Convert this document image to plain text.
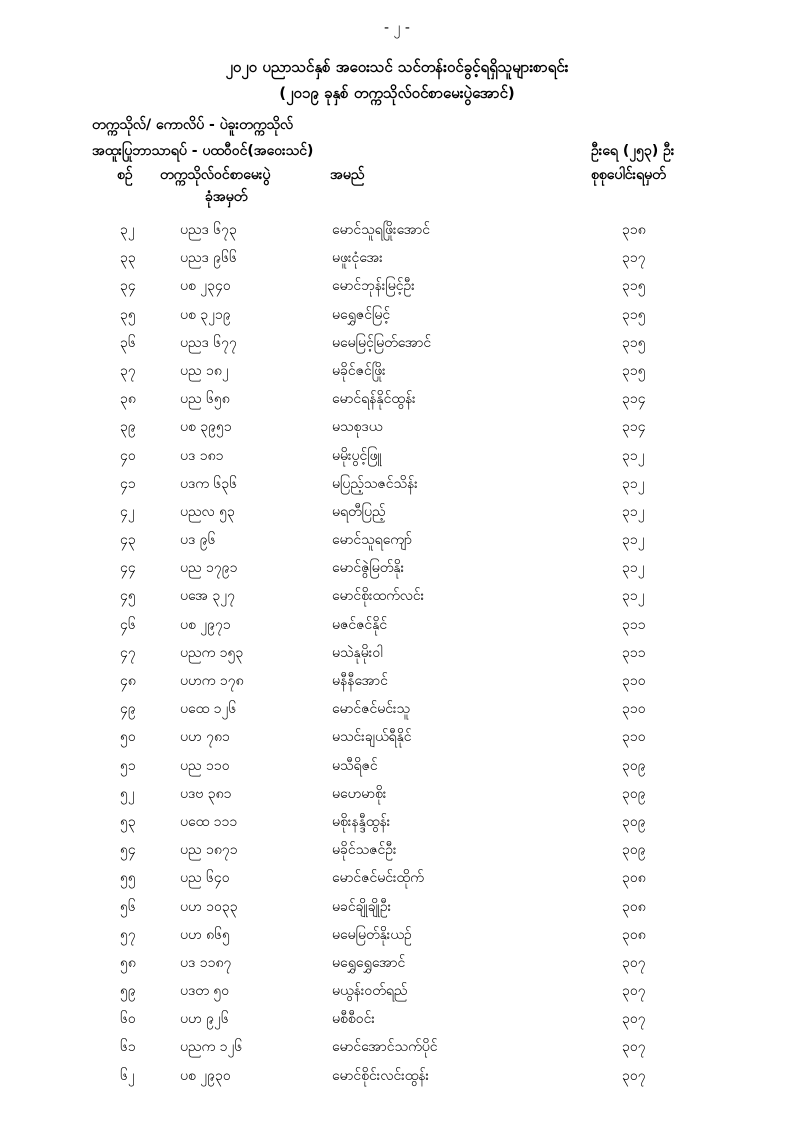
- ၂ -
၂၀၂၀ ပညာသင်နှစ် အဝေးသင် သင်တန်းဝင်ခွင့်ရရှိသူများစာရင်း
(၂၀၁၉ ခုနှစ် တက္ကသိုလ်ဝင်စာမေးပွဲအောင်)
တက္ကသိုလ်/ ကောလိပ် - ပဲခူးတက္ကသိုလ်
အထူးပြုဘာသာရပ် - ပထဝီဝင်(အဝေးသင်)	ဦးရေ (၂၅၃) ဦး
စဉ် တက္ကသိုလ်ဝင်စာမေးပွဲ
ခုံအမှတ်
အမည်	စုစုပေါင်းရမှတ်
၃၂	ပညဒ ၆၇၃	မောင်သူရဖြိုးအောင်	၃၁၈
၃၃	ပညဒ ၉၆၆	မဖူးငုံအေး	၃၁၇
၃၄	ပစ ၂၃၄၀	မောင်ဘုန်းမြင့်ဦး	၃၁၅
၃၅	ပစ ၃၂၁၉	မရွှေဇင်မြင့်	၃၁၅
၃၆	ပညဒ ၆၇၇	မမေမြင့်မြတ်အောင်	၃၁၅
၃၇	ပည ၁၈၂	မခိုင်ဇင်ဖြိုး	၃၁၅
၃၈	ပည ၆၅၈	မောင်ရန်နိုင်ထွန်း	၃၁၄
၃၉	ပစ ၃၉၅၁	မသစုဒယ	၃၁၄
၄၀	ပဒ ၁၈၁	မမိုးပွင့်ဖြူ	၃၁၂
၄၁	ပဒက ၆၃၆	မပြည့်သဇင်သိန်း	၃၁၂
၄၂	ပညလ ၅၃	မရတီပြည့်	၃၁၂
၄၃	ပဒ ၉၆	မောင်သူရကျော်	၃၁၂
၄၄	ပည ၁၇၉၁	မောင်ဇွဲမြတ်နိုး	၃၁၂
၄၅	ပအေ ၃၂၇	မောင်စိုးထက်လင်း	၃၁၂
၄၆	ပစ ၂၉၇၁	မဇင်ဇင်နိုင်	၃၁၁
၄၇	ပညက ၁၅၃	မသဲနုမိုးဝါ	၃၁၁
၄၈	ပဟက ၁၇၈	မနီနီအောင်	၃၁၀
၄၉	ပထေ ၁၂၆	မောင်ဇင်မင်းသူ	၃၁၀
၅၀	ပဟ ၇၈၁	မသင်းချယ်ရီနိုင်	၃၁၀
၅၁	ပည ၁၁၀	မသီရိဇင်	၃၀၉
၅၂	ပဒဗ ၃၈၁	မဟေမာစိုး	၃၀၉
၅၃	ပထေ ၁၁၁	မစိုးနန္ဒီထွန်း	၃၀၉
၅၄	ပည ၁၈၇၁	မခိုင်သဇင်ဦး	၃၀၉
၅၅	ပည ၆၄၀	မောင်ဇင်မင်းထိုက်	၃၀၈
၅၆	ပဟ ၁၀၃၃	မခင်ချိုချိုဦး	၃၀၈
၅၇	ပဟ ၈၆၅	မမေမြတ်နိုးယဉ်	၃၀၈
၅၈	ပဒ ၁၁၈၇	မရွှေရွှေအောင်	၃၀၇
၅၉	ပဒတ ၅၀	မယွန်းဝတ်ရည်	၃၀၇
၆၀	ပဟ ၉၂၆	မစီစီဝင်း	၃၀၇
၆၁	ပညက ၁၂၆	မောင်အောင်သက်ပိုင်	၃၀၇
၆၂	ပစ ၂၉၃၀	မောင်စိုင်းလင်းထွန်း	၃၀၇
